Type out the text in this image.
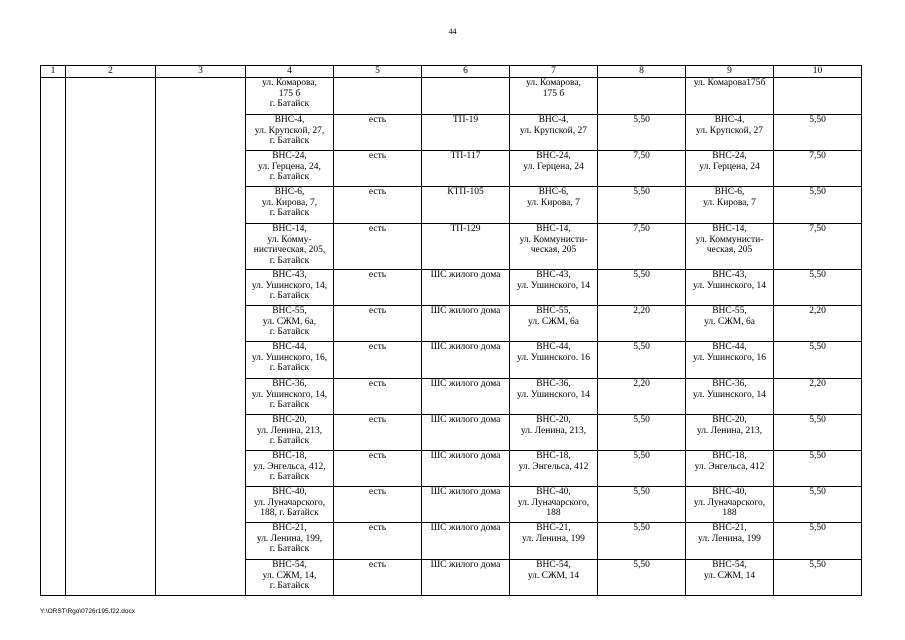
44
1	2	3	4	5	6	7	8	9	10

			ул. Комарова,
175 б
г. Батайск			ул. Комарова,
175 б		ул. Комарова175б	

			ВНС-4,
ул. Крупской, 27,
г. Батайск	есть	ТП-19	ВНС-4,
ул. Крупской, 27	5,50	ВНС-4,
ул. Крупской, 27	5,50

			ВНС-24,
ул. Герцена, 24,
г. Батайск	есть	ТП-117	ВНС-24,
ул. Герцена, 24	7,50	ВНС-24,
ул. Герцена, 24	7,50

			ВНС-6,
ул. Кирова, 7,
г. Батайск	есть	КТП-105	ВНС-6,
ул. Кирова, 7	5,50	ВНС-6,
ул. Кирова, 7	5,50

			ВНС-14,
ул. Комму-
нистическая, 205,
г. Батайск	есть	ТП-129	ВНС-14,
ул. Коммунисти-
ческая, 205	7,50	ВНС-14,
ул. Коммунисти-
ческая, 205	7,50

			ВНС-43,
ул. Ушинского, 14,
г. Батайск	есть	ШС жилого дома	ВНС-43,
ул. Ушинского, 14	5,50	ВНС-43,
ул. Ушинского, 14	5,50

			ВНС-55,
ул. СЖМ, 6а,
г. Батайск	есть	ШС жилого дома	ВНС-55,
ул. СЖМ, 6а	2,20	ВНС-55,
ул. СЖМ, 6а	2,20

			ВНС-44,
ул. Ушинского, 16,
г. Батайск	есть	ШС жилого дома	ВНС-44,
ул. Ушинского. 16	5,50	ВНС-44,
ул. Ушинского, 16	5,50

			ВНС-36,
ул. Ушинского, 14,
г. Батайск	есть	ШС жилого дома	ВНС-36,
ул. Ушинского, 14	2,20	ВНС-36,
ул. Ушинского, 14	2,20

			ВНС-20,
ул. Ленина, 213,
г. Батайск	есть	ШС жилого дома	ВНС-20,
ул. Ленина, 213,	5,50	ВНС-20,
ул. Ленина, 213,	5,50

			ВНС-18,
ул. Энгельса, 412,
г. Батайск	есть	ШС жилого дома	ВНС-18,
ул. Энгельса, 412	5,50	ВНС-18,
ул. Энгельса, 412	5,50

			ВНС-40,
ул. Луначарского,
188, г. Батайск	есть	ШС жилого дома	ВНС-40,
ул. Луначарского,
188	5,50	ВНС-40,
ул. Луначарского,
188	5,50

			ВНС-21,
ул. Ленина, 199,
г. Батайск	есть	ШС жилого дома	ВНС-21,
ул. Ленина, 199	5,50	ВНС-21,
ул. Ленина, 199	5,50

			ВНС-54,
ул. СЖМ, 14,
г. Батайск	есть	ШС жилого дома	ВНС-54,
ул. СЖМ, 14	5,50	ВНС-54,
ул. СЖМ, 14	5,50
Y:\ORST\Rgo\0726r195.f22.docx
